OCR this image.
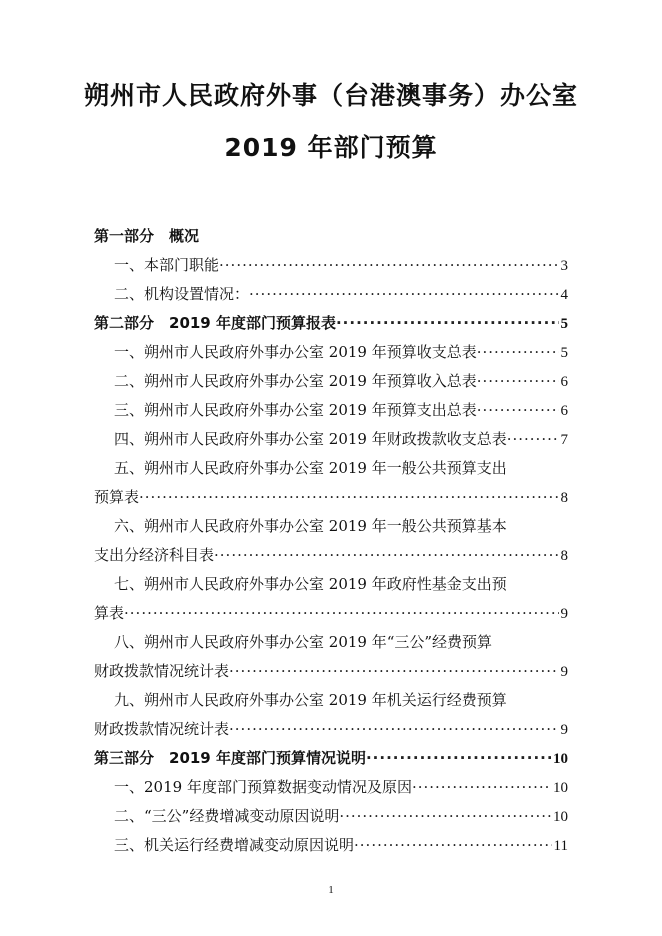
朔州市人民政府外事（台港澳事务）办公室
2019 年部门预算
第一部分　概况
一、本部门职能 ·····	3
二、机构设置情况： ·····	4
第二部分　2019 年度部门预算报表 ·····	5
一、朔州市人民政府外事办公室 2019 年预算收支总表 ·····	5
二、朔州市人民政府外事办公室 2019 年预算收入总表 ·····	6
三、朔州市人民政府外事办公室 2019 年预算支出总表 ·····	6
四、朔州市人民政府外事办公室 2019 年财政拨款收支总表 ·····	7
五、朔州市人民政府外事办公室 2019 年一般公共预算支出
预算表 ·····	8
六、朔州市人民政府外事办公室 2019 年一般公共预算基本
支出分经济科目表 ·····	8
七、朔州市人民政府外事办公室 2019 年政府性基金支出预
算表 ·····	9
八、朔州市人民政府外事办公室 2019 年“三公”经费预算
财政拨款情况统计表 ·····	9
九、朔州市人民政府外事办公室 2019 年机关运行经费预算
财政拨款情况统计表 ·····	9
第三部分　2019 年度部门预算情况说明 ·····	10
一、2019 年度部门预算数据变动情况及原因 ·····	10
二、“三公”经费增减变动原因说明 ·····	10
三、机关运行经费增减变动原因说明 ·····	11
1
